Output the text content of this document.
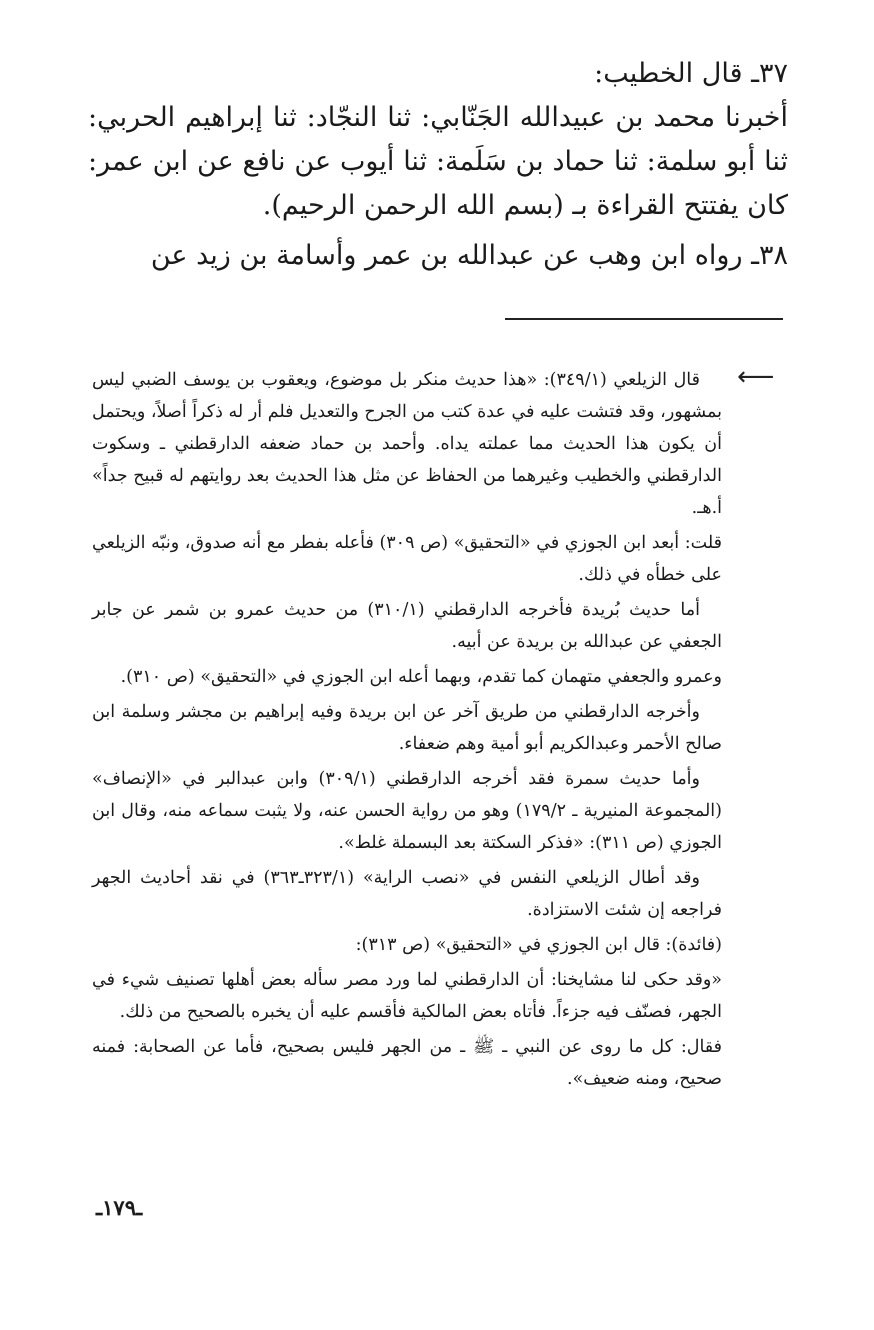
٣٧ـ قال الخطيب:

أخبرنا محمد بن عبيدالله الجَنّابي: ثنا النجّاد: ثنا إبراهيم الحربي: ثنا أبو سلمة: ثنا حماد بن سَلَمة: ثنا أيوب عن نافع عن ابن عمر: كان يفتتح القراءة بـ (بسم الله الرحمن الرحيم).

٣٨ـ رواه ابن وهب عن عبدالله بن عمر وأسامة بن زيد عن

⟵

قال الزيلعي (٣٤٩/١): «هذا حديث منكر بل موضوع، ويعقوب بن يوسف الضبي ليس بمشهور، وقد فتشت عليه في عدة كتب من الجرح والتعديل فلم أر له ذكراً أصلاً، ويحتمل أن يكون هذا الحديث مما عملته يداه. وأحمد بن حماد ضعفه الدارقطني ـ وسكوت الدارقطني والخطيب وغيرهما من الحفاظ عن مثل هذا الحديث بعد روايتهم له قبيح جداً» أ.هـ.

قلت: أبعد ابن الجوزي في «التحقيق» (ص ٣٠٩) فأعله بفطر مع أنه صدوق، ونبّه الزيلعي على خطأه في ذلك.

أما حديث بُريدة فأخرجه الدارقطني (٣١٠/١) من حديث عمرو بن شمر عن جابر الجعفي عن عبدالله بن بريدة عن أبيه.

وعمرو والجعفي متهمان كما تقدم، وبهما أعله ابن الجوزي في «التحقيق» (ص ٣١٠).

وأخرجه الدارقطني من طريق آخر عن ابن بريدة وفيه إبراهيم بن مجشر وسلمة ابن صالح الأحمر وعبدالكريم أبو أمية وهم ضعفاء.

وأما حديث سمرة فقد أخرجه الدارقطني (٣٠٩/١) وابن عبدالبر في «الإنصاف» (المجموعة المنيرية ـ ١٧٩/٢) وهو من رواية الحسن عنه، ولا يثبت سماعه منه، وقال ابن الجوزي (ص ٣١١): «فذكر السكتة بعد البسملة غلط».

وقد أطال الزيلعي النفس في «نصب الراية» (٣٢٣/١ـ٣٦٣) في نقد أحاديث الجهر فراجعه إن شئت الاستزادة.

(فائدة): قال ابن الجوزي في «التحقيق» (ص ٣١٣):

«وقد حكى لنا مشايخنا: أن الدارقطني لما ورد مصر سأله بعض أهلها تصنيف شيء في الجهر، فصنّف فيه جزءاً. فأتاه بعض المالكية فأقسم عليه أن يخبره بالصحيح من ذلك.

فقال: كل ما روى عن النبي ـ ﷺ ـ من الجهر فليس بصحيح، فأما عن الصحابة: فمنه صحيح، ومنه ضعيف».

ـ١٧٩ـ
